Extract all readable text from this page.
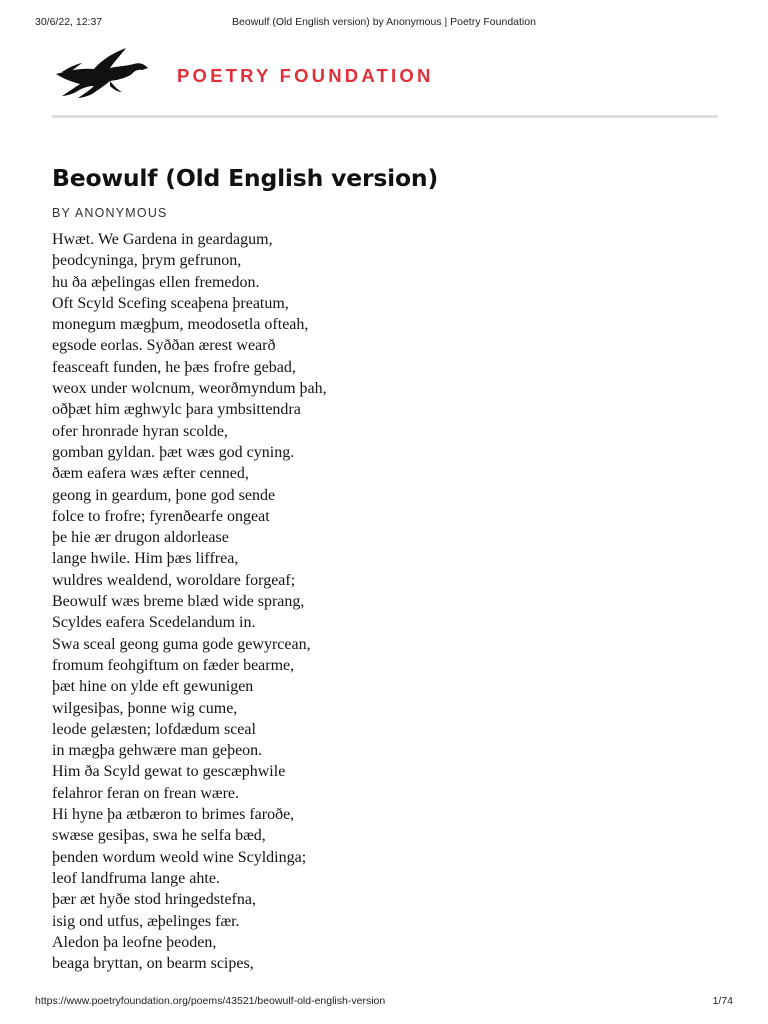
30/6/22, 12:37	Beowulf (Old English version) by Anonymous | Poetry Foundation
POETRY FOUNDATION
Beowulf (Old English version)
BY ANONYMOUS
Hwæt. We Gardena in geardagum,
þeodcyninga, þrym gefrunon,
hu ða æþelingas ellen fremedon.
Oft Scyld Scefing sceaþena þreatum,
monegum mægþum, meodosetla ofteah,
egsode eorlas. Syððan ærest wearð
feasceaft funden, he þæs frofre gebad,
weox under wolcnum, weorðmyndum þah,
oðþæt him æghwylc þara ymbsittendra
ofer hronrade hyran scolde,
gomban gyldan. þæt wæs god cyning.
ðæm eafera wæs æfter cenned,
geong in geardum, þone god sende
folce to frofre; fyrenðearfe ongeat
þe hie ær drugon aldorlease
lange hwile. Him þæs liffrea,
wuldres wealdend, woroldare forgeaf;
Beowulf wæs breme blæd wide sprang,
Scyldes eafera Scedelandum in.
Swa sceal geong guma gode gewyrcean,
fromum feohgiftum on fæder bearme,
þæt hine on ylde eft gewunigen
wilgesiþas, þonne wig cume,
leode gelæsten; lofdædum sceal
in mægþa gehwære man geþeon.
Him ða Scyld gewat to gescæphwile
felahror feran on frean wære.
Hi hyne þa ætbæron to brimes faroðe,
swæse gesiþas, swa he selfa bæd,
þenden wordum weold wine Scyldinga;
leof landfruma lange ahte.
þær æt hyðe stod hringedstefna,
isig ond utfus, æþelinges fær.
Aledon þa leofne þeoden,
beaga bryttan, on bearm scipes,
https://www.poetryfoundation.org/poems/43521/beowulf-old-english-version	1/74
